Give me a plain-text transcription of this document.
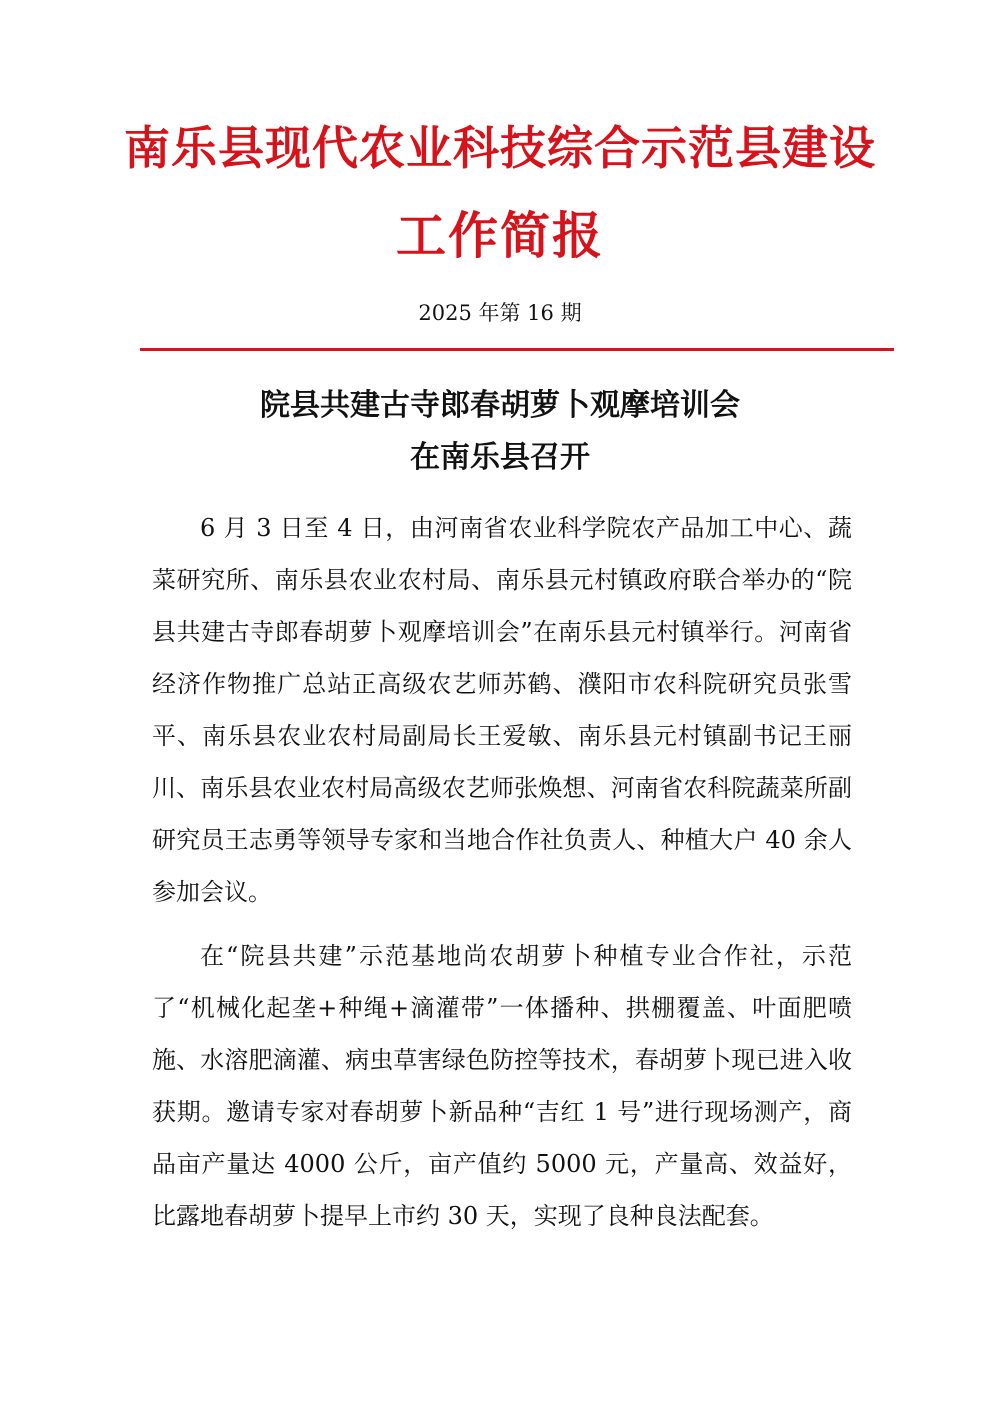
南乐县现代农业科技综合示范县建设
工作简报
2025 年第 16 期
院县共建古寺郎春胡萝卜观摩培训会
在南乐县召开

6 月 3 日至 4 日，由河南省农业科学院农产品加工中心、蔬菜研究所、南乐县农业农村局、南乐县元村镇政府联合举办的“院县共建古寺郎春胡萝卜观摩培训会”在南乐县元村镇举行。河南省经济作物推广总站正高级农艺师苏鹤、濮阳市农科院研究员张雪平、南乐县农业农村局副局长王爱敏、南乐县元村镇副书记王丽川、南乐县农业农村局高级农艺师张焕想、河南省农科院蔬菜所副研究员王志勇等领导专家和当地合作社负责人、种植大户 40 余人参加会议。

在“院县共建”示范基地尚农胡萝卜种植专业合作社，示范了“机械化起垄+种绳+滴灌带”一体播种、拱棚覆盖、叶面肥喷施、水溶肥滴灌、病虫草害绿色防控等技术，春胡萝卜现已进入收获期。邀请专家对春胡萝卜新品种“吉红 1 号”进行现场测产，商品亩产量达 4000 公斤，亩产值约 5000 元，产量高、效益好，比露地春胡萝卜提早上市约 30 天，实现了良种良法配套。
